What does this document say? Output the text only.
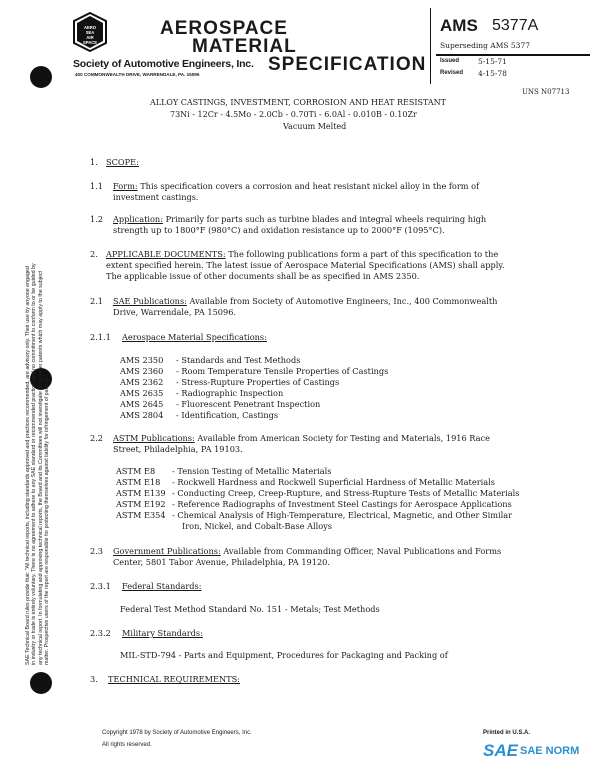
SAE Technical Board rules provide that: "All technical reports, including standards approved and practices recommended, are advisory only. Their use by anyone engaged in industry or trade is entirely voluntary. There is no agreement to adhere to any SAE standard or recommended practice, and no commitment to conform to or be guided by any technical report. In formulating and approving technical reports, the Board and its Committees will not investigate or consider patents which may apply to the subject matter. Prospective users of the report are responsible for protecting themselves against liability for infringement of patents."
AERO
SEA
AIR
SPACE
AEROSPACE
MATERIAL
SPECIFICATION
Society of Automotive Engineers, Inc.
400 COMMONWEALTH DRIVE, WARRENDALE, PA. 15096
AMS 5377A
Superseding AMS 5377
Issued	5-15-71
Revised 4-15-78
UNS N07713
ALLOY CASTINGS, INVESTMENT, CORROSION AND HEAT RESISTANT
73Ni - 12Cr - 4.5Mo - 2.0Cb - 0.70Ti - 6.0Al - 0.010B - 0.10Zr
Vacuum Melted
1. SCOPE:
1.1 Form: This specification covers a corrosion and heat resistant nickel alloy in the form of
investment castings.
1.2 Application: Primarily for parts such as turbine blades and integral wheels requiring high
strength up to 1800°F (980°C) and oxidation resistance up to 2000°F (1095°C).
2. APPLICABLE DOCUMENTS: The following publications form a part of this specification to the
extent specified herein. The latest issue of Aerospace Material Specifications (AMS) shall apply.
The applicable issue of other documents shall be as specified in AMS 2350.
2.1 SAE Publications: Available from Society of Automotive Engineers, Inc., 400 Commonwealth
Drive, Warrendale, PA 15096.
2.1.1 Aerospace Material Specifications:
AMS 2350 - Standards and Test Methods
AMS 2360 - Room Temperature Tensile Properties of Castings
AMS 2362 - Stress-Rupture Properties of Castings
AMS 2635 - Radiographic Inspection
AMS 2645 - Fluorescent Penetrant Inspection
AMS 2804 - Identification, Castings
2.2 ASTM Publications: Available from American Society for Testing and Materials, 1916 Race
Street, Philadelphia, PA 19103.
ASTM E8 - Tension Testing of Metallic Materials
ASTM E18 - Rockwell Hardness and Rockwell Superficial Hardness of Metallic Materials
ASTM E139 - Conducting Creep, Creep-Rupture, and Stress-Rupture Tests of Metallic Materials
ASTM E192 - Reference Radiographs of Investment Steel Castings for Aerospace Applications
ASTM E354 - Chemical Analysis of High-Temperature, Electrical, Magnetic, and Other Similar
Iron, Nickel, and Cobalt-Base Alloys
2.3 Government Publications: Available from Commanding Officer, Naval Publications and Forms
Center, 5801 Tabor Avenue, Philadelphia, PA 19120.
2.3.1 Federal Standards:
Federal Test Method Standard No. 151 - Metals; Test Methods
2.3.2 Military Standards:
MIL-STD-794 - Parts and Equipment, Procedures for Packaging and Packing of
3. TECHNICAL REQUIREMENTS:
Copyright 1978 by Society of Automotive Engineers, Inc.
All rights reserved.
Printed in U.S.A.
SAE SAE NORM
